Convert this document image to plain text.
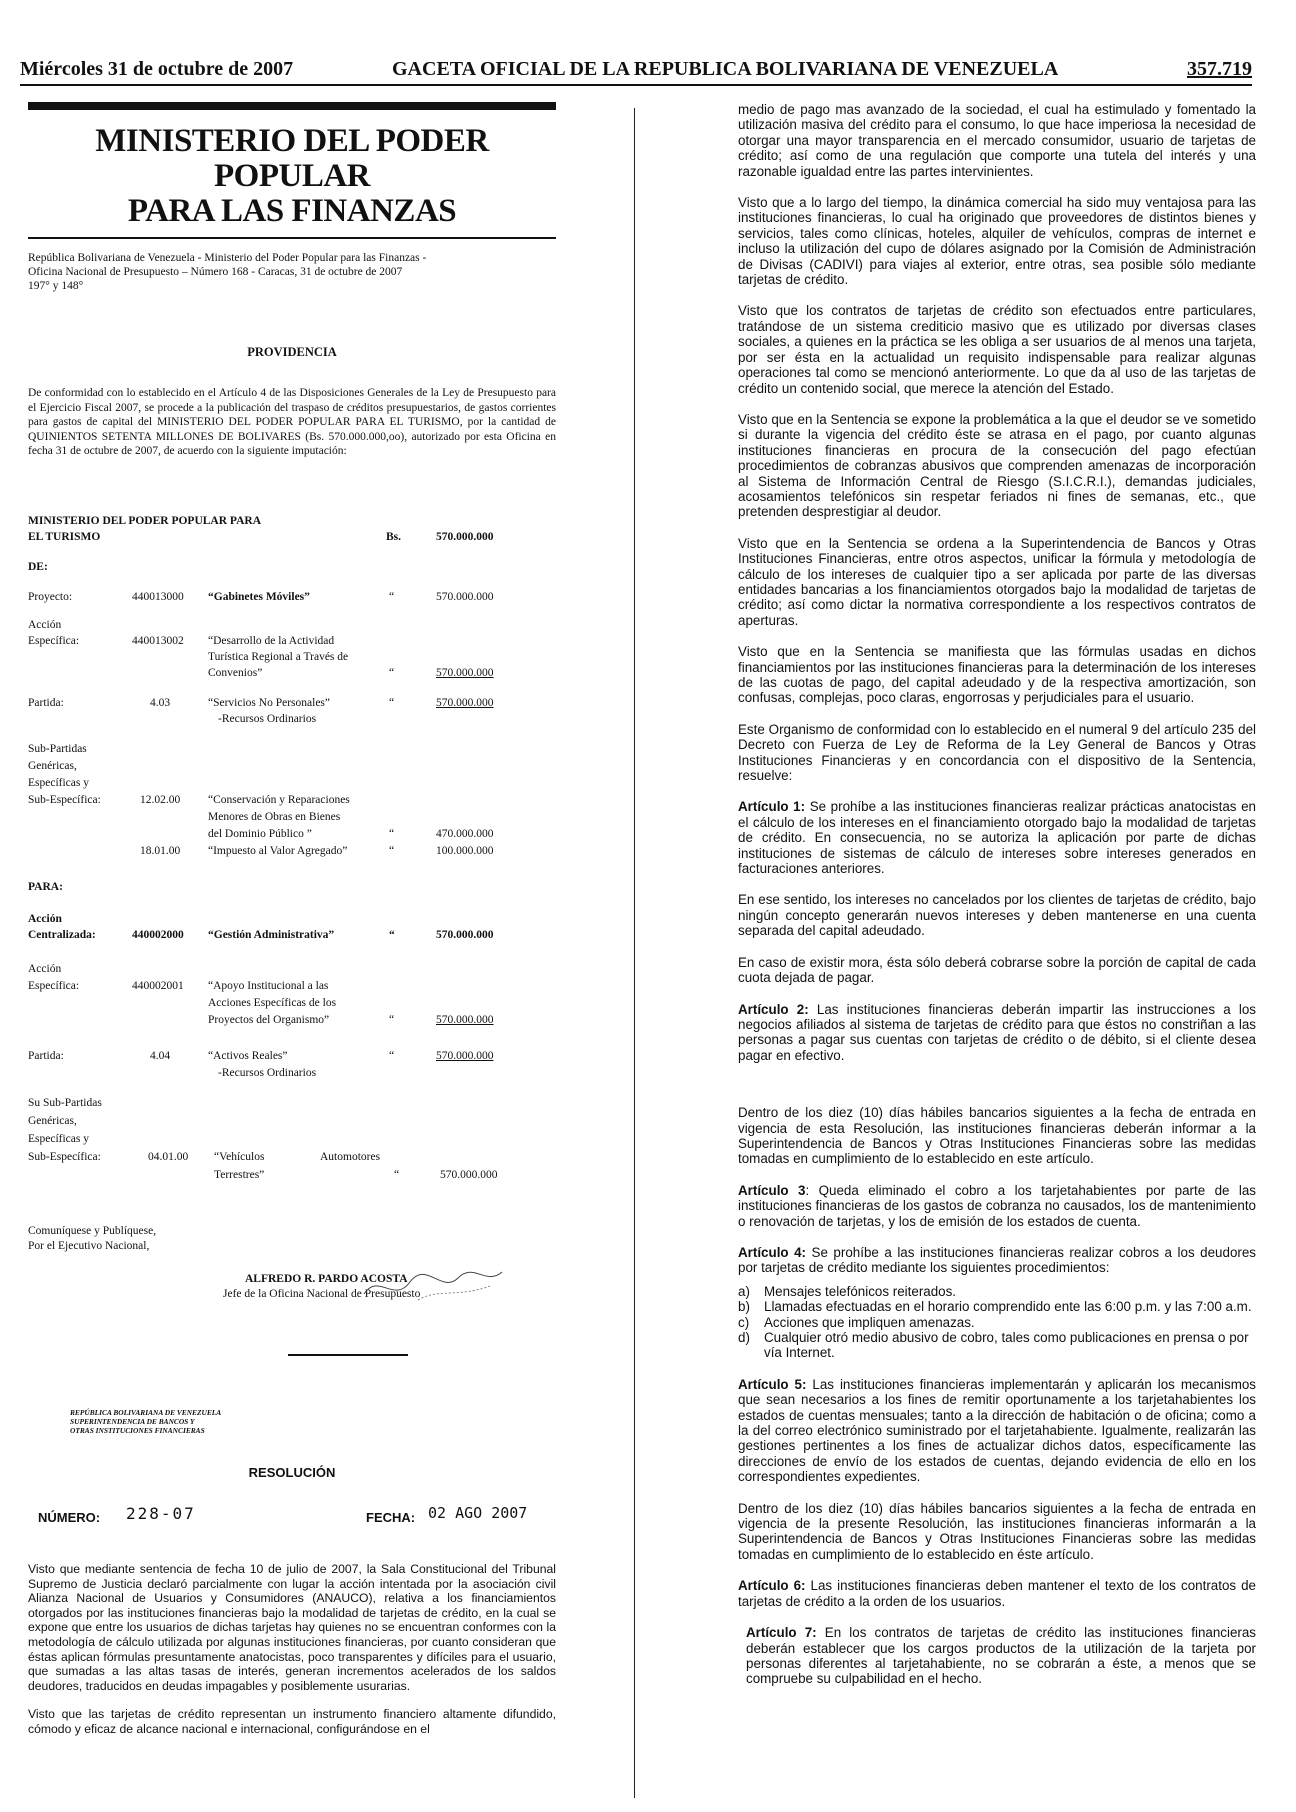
Miércoles 31 de octubre de 2007	GACETA OFICIAL DE LA REPUBLICA BOLIVARIANA DE VENEZUELA	357.719
MINISTERIO DEL PODER POPULAR
PARA LAS FINANZAS
República Bolivariana de Venezuela - Ministerio del Poder Popular para las Finanzas -
Oficina Nacional de Presupuesto – Número 168 - Caracas, 31 de octubre de 2007
197° y 148°
PROVIDENCIA
De conformidad con lo establecido en el Artículo 4 de las Disposiciones Generales de la Ley de Presupuesto para el Ejercicio Fiscal 2007, se procede a la publicación del traspaso de créditos presupuestarios, de gastos corrientes para gastos de capital del MINISTERIO DEL PODER POPULAR PARA EL TURISMO, por la cantidad de QUINIENTOS SETENTA MILLONES DE BOLIVARES (Bs. 570.000.000,oo), autorizado por esta Oficina en fecha 31 de octubre de 2007, de acuerdo con la siguiente imputación:
MINISTERIO DEL PODER POPULAR PARA
EL TURISMO	Bs.	570.000.000
DE:
Proyecto:	440013000 “Gabinetes Móviles”	“	570.000.000
Acción
Específica:	440013002 “Desarrollo de la Actividad
Turística Regional a Través de
Convenios”	“	570.000.000
Partida:	4.03	“Servicios No Personales”	“	570.000.000
-Recursos Ordinarios
Sub-Partidas
Genéricas,
Específicas y
Sub-Específica:	12.02.00 “Conservación y Reparaciones
Menores de Obras en Bienes
del Dominio Público ”	“	470.000.000
18.01.00 “Impuesto al Valor Agregado”	“	100.000.000
PARA:
Acción
Centralizada:	440002000 “Gestión Administrativa”	“	570.000.000
Acción
Específica:	440002001 “Apoyo Institucional a las
Acciones Específicas de los
Proyectos del Organismo”	“	570.000.000
Partida:	4.04	“Activos Reales”	“	570.000.000
-Recursos Ordinarios
Su Sub-Partidas
Genéricas,
Específicas y
Sub-Específica:	04.01.00 “Vehículos	Automotores
Terrestres”	“	570.000.000
Comuníquese y Publíquese,
Por el Ejecutivo Nacional,
ALFREDO R. PARDO ACOSTA
Jefe de la Oficina Nacional de Presupuesto
REPÚBLICA BOLIVARIANA DE VENEZUELA
SUPERINTENDENCIA DE BANCOS Y
OTRAS INSTITUCIONES FINANCIERAS
RESOLUCIÓN
NÚMERO: 228-07	FECHA: 02 AGO 2007
Visto que mediante sentencia de fecha 10 de julio de 2007, la Sala Constitucional del Tribunal Supremo de Justicia declaró parcialmente con lugar la acción intentada por la asociación civil Alianza Nacional de Usuarios y Consumidores (ANAUCO), relativa a los financiamientos otorgados por las instituciones financieras bajo la modalidad de tarjetas de crédito, en la cual se expone que entre los usuarios de dichas tarjetas hay quienes no se encuentran conformes con la metodología de cálculo utilizada por algunas instituciones financieras, por cuanto consideran que éstas aplican fórmulas presuntamente anatocistas, poco transparentes y difíciles para el usuario, que sumadas a las altas tasas de interés, generan incrementos acelerados de los saldos deudores, traducidos en deudas impagables y posiblemente usurarias.
Visto que las tarjetas de crédito representan un instrumento financiero altamente difundido, cómodo y eficaz de alcance nacional e internacional, configurándose en el

medio de pago mas avanzado de la sociedad, el cual ha estimulado y fomentado la utilización masiva del crédito para el consumo, lo que hace imperiosa la necesidad de otorgar una mayor transparencia en el mercado consumidor, usuario de tarjetas de crédito; así como de una regulación que comporte una tutela del interés y una razonable igualdad entre las partes intervinientes.

Visto que a lo largo del tiempo, la dinámica comercial ha sido muy ventajosa para las instituciones financieras, lo cual ha originado que proveedores de distintos bienes y servicios, tales como clínicas, hoteles, alquiler de vehículos, compras de internet e incluso la utilización del cupo de dólares asignado por la Comisión de Administración de Divisas (CADIVI) para viajes al exterior, entre otras, sea posible sólo mediante tarjetas de crédito.

Visto que los contratos de tarjetas de crédito son efectuados entre particulares, tratándose de un sistema crediticio masivo que es utilizado por diversas clases sociales, a quienes en la práctica se les obliga a ser usuarios de al menos una tarjeta, por ser ésta en la actualidad un requisito indispensable para realizar algunas operaciones tal como se mencionó anteriormente. Lo que da al uso de las tarjetas de crédito un contenido social, que merece la atención del Estado.

Visto que en la Sentencia se expone la problemática a la que el deudor se ve sometido si durante la vigencia del crédito éste se atrasa en el pago, por cuanto algunas instituciones financieras en procura de la consecución del pago efectúan procedimientos de cobranzas abusivos que comprenden amenazas de incorporación al Sistema de Información Central de Riesgo (S.I.C.R.I.), demandas judiciales, acosamientos telefónicos sin respetar feriados ni fines de semanas, etc., que pretenden desprestigiar al deudor.

Visto que en la Sentencia se ordena a la Superintendencia de Bancos y Otras Instituciones Financieras, entre otros aspectos, unificar la fórmula y metodología de cálculo de los intereses de cualquier tipo a ser aplicada por parte de las diversas entidades bancarias a los financiamientos otorgados bajo la modalidad de tarjetas de crédito; así como dictar la normativa correspondiente a los respectivos contratos de aperturas.

Visto que en la Sentencia se manifiesta que las fórmulas usadas en dichos financiamientos por las instituciones financieras para la determinación de los intereses de las cuotas de pago, del capital adeudado y de la respectiva amortización, son confusas, complejas, poco claras, engorrosas y perjudiciales para el usuario.

Este Organismo de conformidad con lo establecido en el numeral 9 del artículo 235 del Decreto con Fuerza de Ley de Reforma de la Ley General de Bancos y Otras Instituciones Financieras y en concordancia con el dispositivo de la Sentencia, resuelve:

Artículo 1: Se prohíbe a las instituciones financieras realizar prácticas anatocistas en el cálculo de los intereses en el financiamiento otorgado bajo la modalidad de tarjetas de crédito. En consecuencia, no se autoriza la aplicación por parte de dichas instituciones de sistemas de cálculo de intereses sobre intereses generados en facturaciones anteriores.

En ese sentido, los intereses no cancelados por los clientes de tarjetas de crédito, bajo ningún concepto generarán nuevos intereses y deben mantenerse en una cuenta separada del capital adeudado.

En caso de existir mora, ésta sólo deberá cobrarse sobre la porción de capital de cada cuota dejada de pagar.

Artículo 2: Las instituciones financieras deberán impartir las instrucciones a los negocios afiliados al sistema de tarjetas de crédito para que éstos no constriñan a las personas a pagar sus cuentas con tarjetas de crédito o de débito, si el cliente desea pagar en efectivo.

Dentro de los diez (10) días hábiles bancarios siguientes a la fecha de entrada en vigencia de esta Resolución, las instituciones financieras deberán informar a la Superintendencia de Bancos y Otras Instituciones Financieras sobre las medidas tomadas en cumplimiento de lo establecido en este artículo.

Artículo 3: Queda eliminado el cobro a los tarjetahabientes por parte de las instituciones financieras de los gastos de cobranza no causados, los de mantenimiento o renovación de tarjetas, y los de emisión de los estados de cuenta.

Artículo 4: Se prohíbe a las instituciones financieras realizar cobros a los deudores por tarjetas de crédito mediante los siguientes procedimientos:

a)	Mensajes telefónicos reiterados.
b)	Llamadas efectuadas en el horario comprendido ente las 6:00 p.m. y las 7:00 a.m.
c)	Acciones que impliquen amenazas.
d)	Cualquier otró medio abusivo de cobro, tales como publicaciones en prensa o por vía Internet.

Artículo 5: Las instituciones financieras implementarán y aplicarán los mecanismos que sean necesarios a los fines de remitir oportunamente a los tarjetahabientes los estados de cuentas mensuales; tanto a la dirección de habitación o de oficina; como a la del correo electrónico suministrado por el tarjetahabiente. Igualmente, realizarán las gestiones pertinentes a los fines de actualizar dichos datos, específicamente las direcciones de envío de los estados de cuentas, dejando evidencia de ello en los correspondientes expedientes.

Dentro de los diez (10) días hábiles bancarios siguientes a la fecha de entrada en vigencia de la presente Resolución, las instituciones financieras informarán a la Superintendencia de Bancos y Otras Instituciones Financieras sobre las medidas tomadas en cumplimiento de lo establecido en éste artículo.

Artículo 6: Las instituciones financieras deben mantener el texto de los contratos de tarjetas de crédito a la orden de los usuarios.

Artículo 7: En los contratos de tarjetas de crédito las instituciones financieras deberán establecer que los cargos productos de la utilización de la tarjeta por personas diferentes al tarjetahabiente, no se cobrarán a éste, a menos que se compruebe su culpabilidad en el hecho.
